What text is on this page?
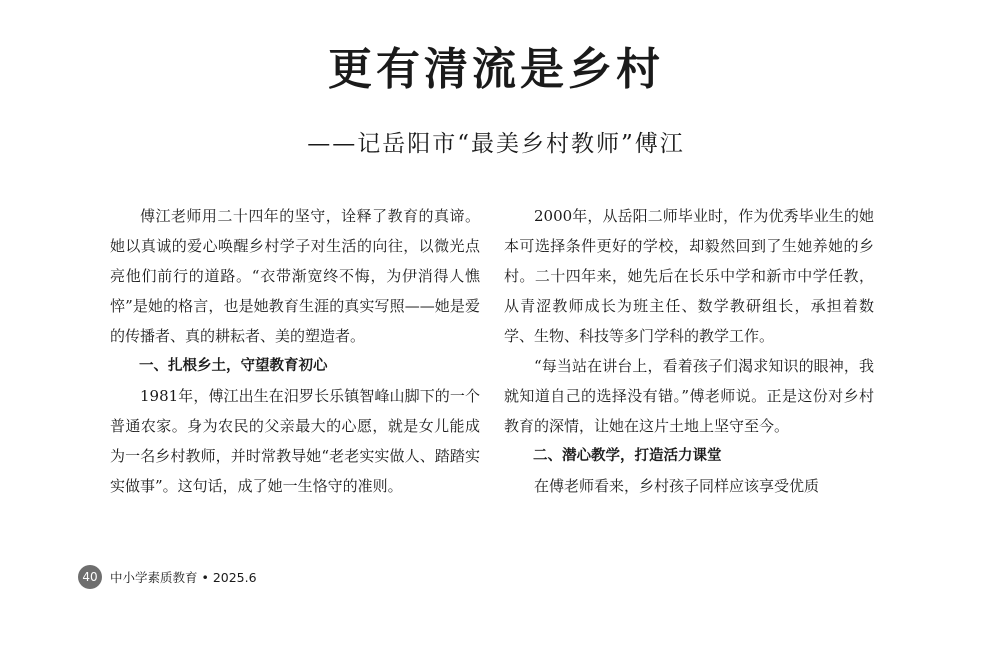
更有清流是乡村
——记岳阳市“最美乡村教师”傅江

傅江老师用二十四年的坚守，诠释了教育的真谛。她以真诚的爱心唤醒乡村学子对生活的向往，以微光点亮他们前行的道路。“衣带渐宽终不悔，为伊消得人憔悴”是她的格言，也是她教育生涯的真实写照——她是爱的传播者、真的耕耘者、美的塑造者。

一、扎根乡土，守望教育初心

1981年，傅江出生在汨罗长乐镇智峰山脚下的一个普通农家。身为农民的父亲最大的心愿，就是女儿能成为一名乡村教师，并时常教导她“老老实实做人、踏踏实实做事”。这句话，成了她一生恪守的准则。

2000年，从岳阳二师毕业时，作为优秀毕业生的她本可选择条件更好的学校，却毅然回到了生她养她的乡村。二十四年来，她先后在长乐中学和新市中学任教，从青涩教师成长为班主任、数学教研组长，承担着数学、生物、科技等多门学科的教学工作。

“每当站在讲台上，看着孩子们渴求知识的眼神，我就知道自己的选择没有错。”傅老师说。正是这份对乡村教育的深情，让她在这片土地上坚守至今。

二、潜心教学，打造活力课堂

在傅老师看来，乡村孩子同样应该享受优质

40 中小学素质教育 • 2025.6
